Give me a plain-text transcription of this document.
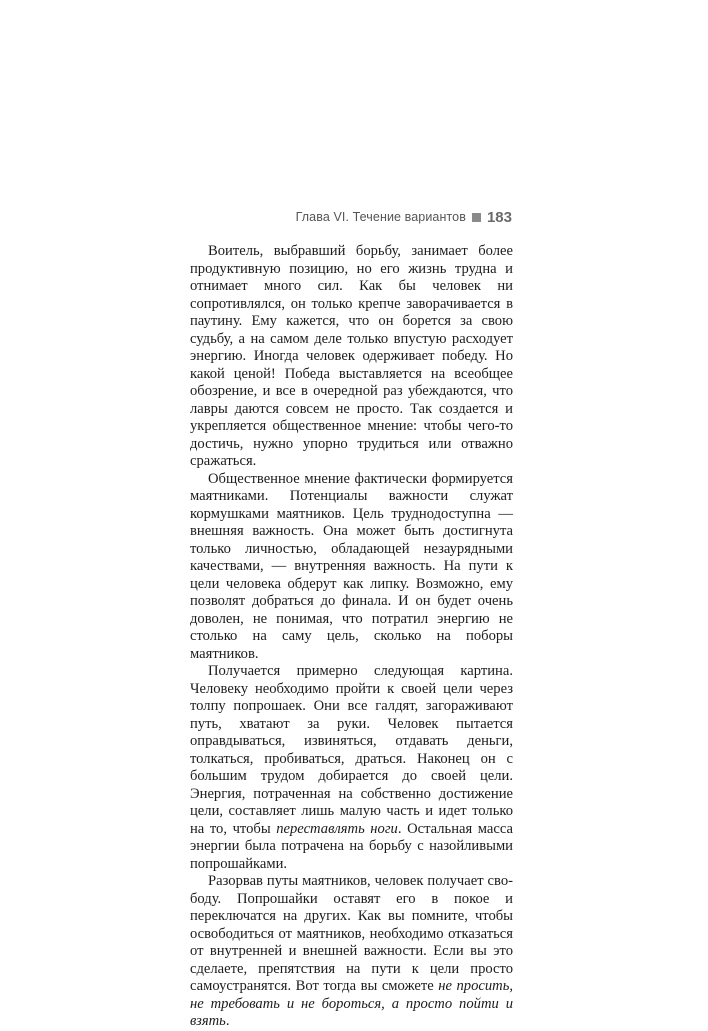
Глава VI. Течение вариантов 183

Воитель, выбравший борьбу, занимает более продуктивную позицию, но его жизнь трудна и отнимает много сил. Как бы человек ни сопротивлялся, он только крепче заворачивается в паутину. Ему кажется, что он борется за свою судьбу, а на самом деле только впустую расходует энергию. Иногда человек одерживает победу. Но какой ценой! Победа выставляется на всеобщее обозрение, и все в очередной раз убеждаются, что лавры даются совсем не просто. Так создается и укрепляется общественное мнение: чтобы чего-то достичь, нужно упорно трудиться или отважно сражаться.

Общественное мнение фактически формируется маятниками. Потенциалы важности служат кормушками маятников. Цель труднодоступна — внешняя важность. Она может быть достигнута только личностью, обладающей незаурядными качествами, — внутренняя важность. На пути к цели человека обдерут как липку. Возможно, ему позволят добраться до финала. И он будет очень доволен, не понимая, что потратил энергию не столько на саму цель, сколько на поборы маятников.

Получается примерно следующая картина. Человеку необходимо пройти к своей цели через толпу попрошаек. Они все галдят, загораживают путь, хватают за руки. Человек пытается оправдываться, извиняться, отдавать деньги, толкаться, пробиваться, драться. Наконец он с большим трудом добирается до своей цели. Энергия, потраченная на собственно достижение цели, составляет лишь малую часть и идет только на то, чтобы переставлять ноги. Остальная масса энергии была потрачена на борьбу с назойливыми попрошайками.

Разорвав путы маятников, человек получает свободу. Попрошайки оставят его в покое и переключатся на других. Как вы помните, чтобы освободиться от маятников, необходимо отказаться от внутренней и внешней важности. Если вы это сделаете, препятствия на пути к цели просто самоустранятся. Вот тогда вы сможете не просить, не требовать и не бороться, а просто пойти и взять.
